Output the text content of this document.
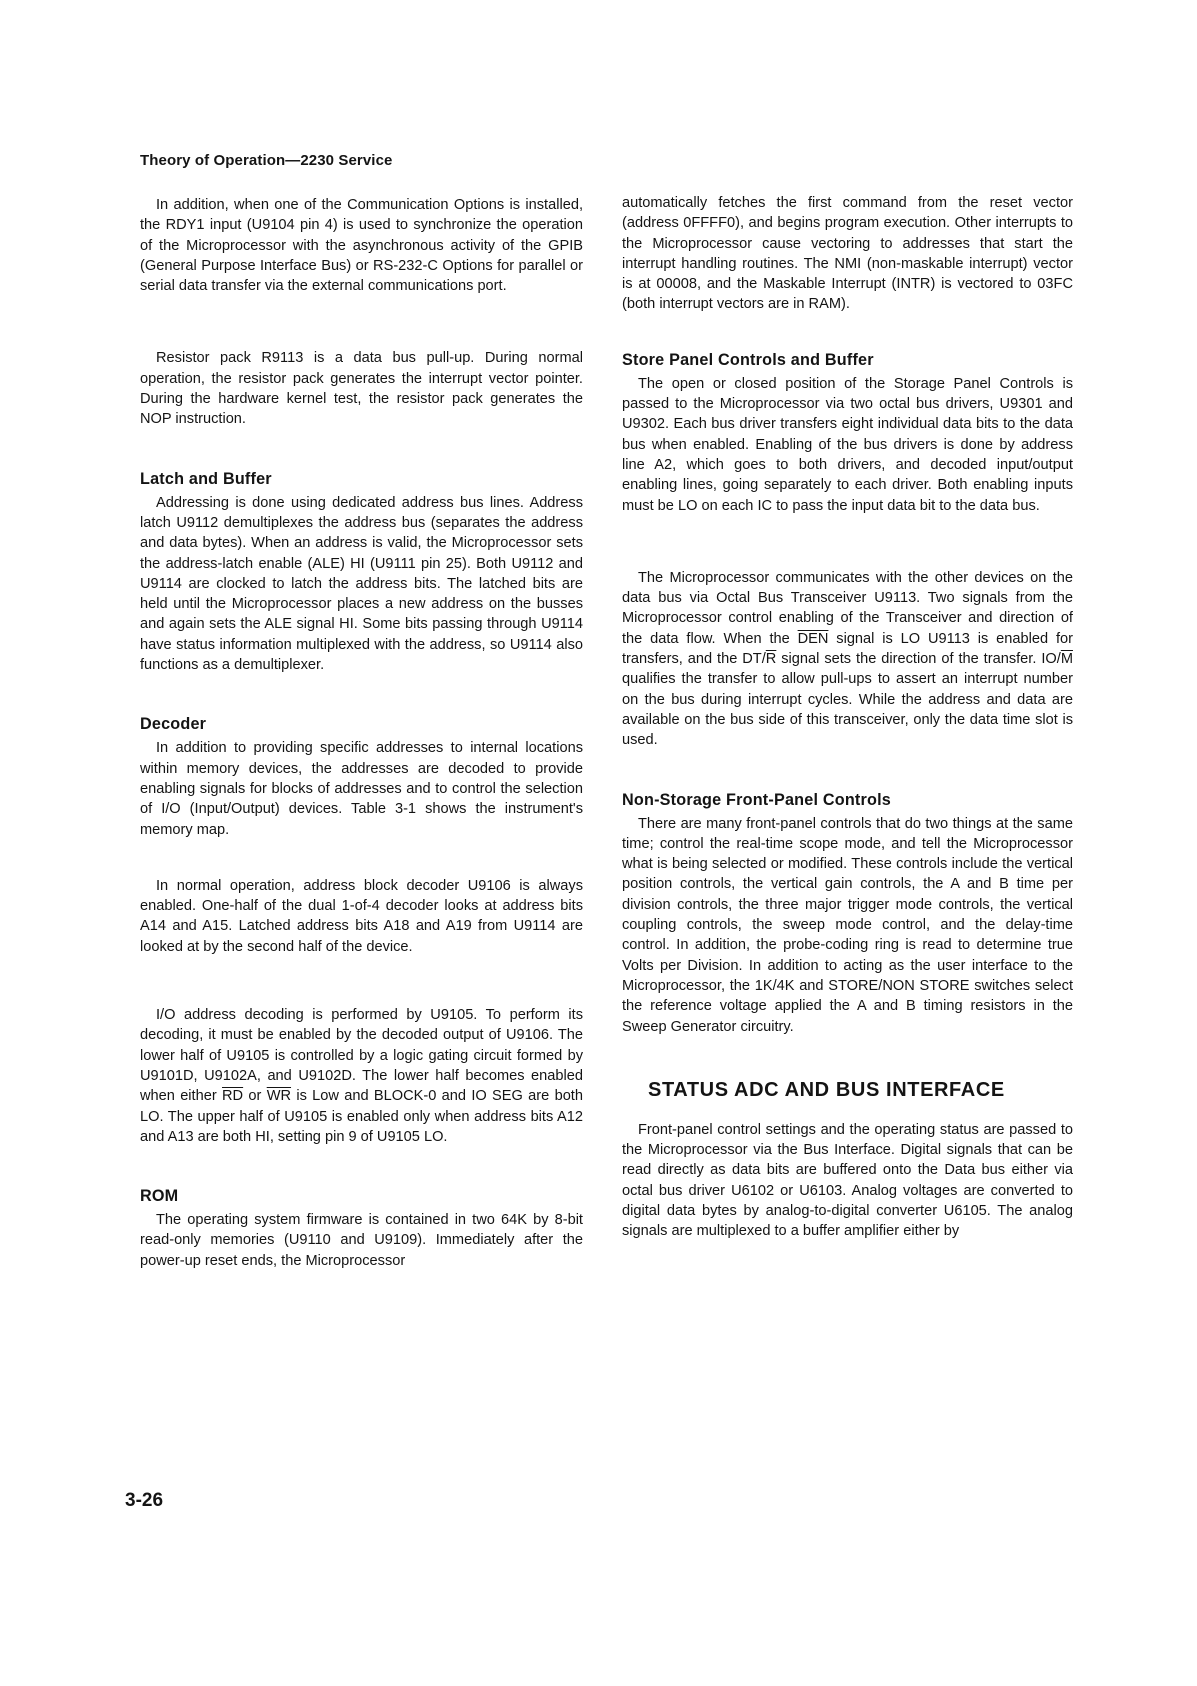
Theory of Operation—2230 Service

In addition, when one of the Communication Options is installed, the RDY1 input (U9104 pin 4) is used to synchronize the operation of the Microprocessor with the asynchronous activity of the GPIB (General Purpose Interface Bus) or RS-232-C Options for parallel or serial data transfer via the external communications port.

Resistor pack R9113 is a data bus pull-up. During normal operation, the resistor pack generates the interrupt vector pointer. During the hardware kernel test, the resistor pack generates the NOP instruction.

Latch and Buffer

Addressing is done using dedicated address bus lines. Address latch U9112 demultiplexes the address bus (separates the address and data bytes). When an address is valid, the Microprocessor sets the address-latch enable (ALE) HI (U9111 pin 25). Both U9112 and U9114 are clocked to latch the address bits. The latched bits are held until the Microprocessor places a new address on the busses and again sets the ALE signal HI. Some bits passing through U9114 have status information multiplexed with the address, so U9114 also functions as a demultiplexer.

Decoder

In addition to providing specific addresses to internal locations within memory devices, the addresses are decoded to provide enabling signals for blocks of addresses and to control the selection of I/O (Input/Output) devices. Table 3-1 shows the instrument's memory map.

In normal operation, address block decoder U9106 is always enabled. One-half of the dual 1-of-4 decoder looks at address bits A14 and A15. Latched address bits A18 and A19 from U9114 are looked at by the second half of the device.

I/O address decoding is performed by U9105. To perform its decoding, it must be enabled by the decoded output of U9106. The lower half of U9105 is controlled by a logic gating circuit formed by U9101D, U9102A, and U9102D. The lower half becomes enabled when either $\overline{RD}$ or $\overline{WR}$ is Low and BLOCK-0 and IO SEG are both LO. The upper half of U9105 is enabled only when address bits A12 and A13 are both HI, setting pin 9 of U9105 LO.

ROM

The operating system firmware is contained in two 64K by 8-bit read-only memories (U9110 and U9109). Immediately after the power-up reset ends, the Microprocessor

automatically fetches the first command from the reset vector (address 0FFFF0), and begins program execution. Other interrupts to the Microprocessor cause vectoring to addresses that start the interrupt handling routines. The NMI (non-maskable interrupt) vector is at 00008, and the Maskable Interrupt (INTR) is vectored to 03FC (both interrupt vectors are in RAM).

Store Panel Controls and Buffer

The open or closed position of the Storage Panel Controls is passed to the Microprocessor via two octal bus drivers, U9301 and U9302. Each bus driver transfers eight individual data bits to the data bus when enabled. Enabling of the bus drivers is done by address line A2, which goes to both drivers, and decoded input/output enabling lines, going separately to each driver. Both enabling inputs must be LO on each IC to pass the input data bit to the data bus.

The Microprocessor communicates with the other devices on the data bus via Octal Bus Transceiver U9113. Two signals from the Microprocessor control enabling of the Transceiver and direction of the data flow. When the $\overline{DEN}$ signal is LO U9113 is enabled for transfers, and the $DT/\overline{R}$ signal sets the direction of the transfer. $IO/\overline{M}$ qualifies the transfer to allow pull-ups to assert an interrupt number on the bus during interrupt cycles. While the address and data are available on the bus side of this transceiver, only the data time slot is used.

Non-Storage Front-Panel Controls

There are many front-panel controls that do two things at the same time; control the real-time scope mode, and tell the Microprocessor what is being selected or modified. These controls include the vertical position controls, the vertical gain controls, the A and B time per division controls, the three major trigger mode controls, the vertical coupling controls, the sweep mode control, and the delay-time control. In addition, the probe-coding ring is read to determine true Volts per Division. In addition to acting as the user interface to the Microprocessor, the 1K/4K and STORE/NON STORE switches select the reference voltage applied the A and B timing resistors in the Sweep Generator circuitry.

STATUS ADC AND BUS INTERFACE

Front-panel control settings and the operating status are passed to the Microprocessor via the Bus Interface. Digital signals that can be read directly as data bits are buffered onto the Data bus either via octal bus driver U6102 or U6103. Analog voltages are converted to digital data bytes by analog-to-digital converter U6105. The analog signals are multiplexed to a buffer amplifier either by

3-26
